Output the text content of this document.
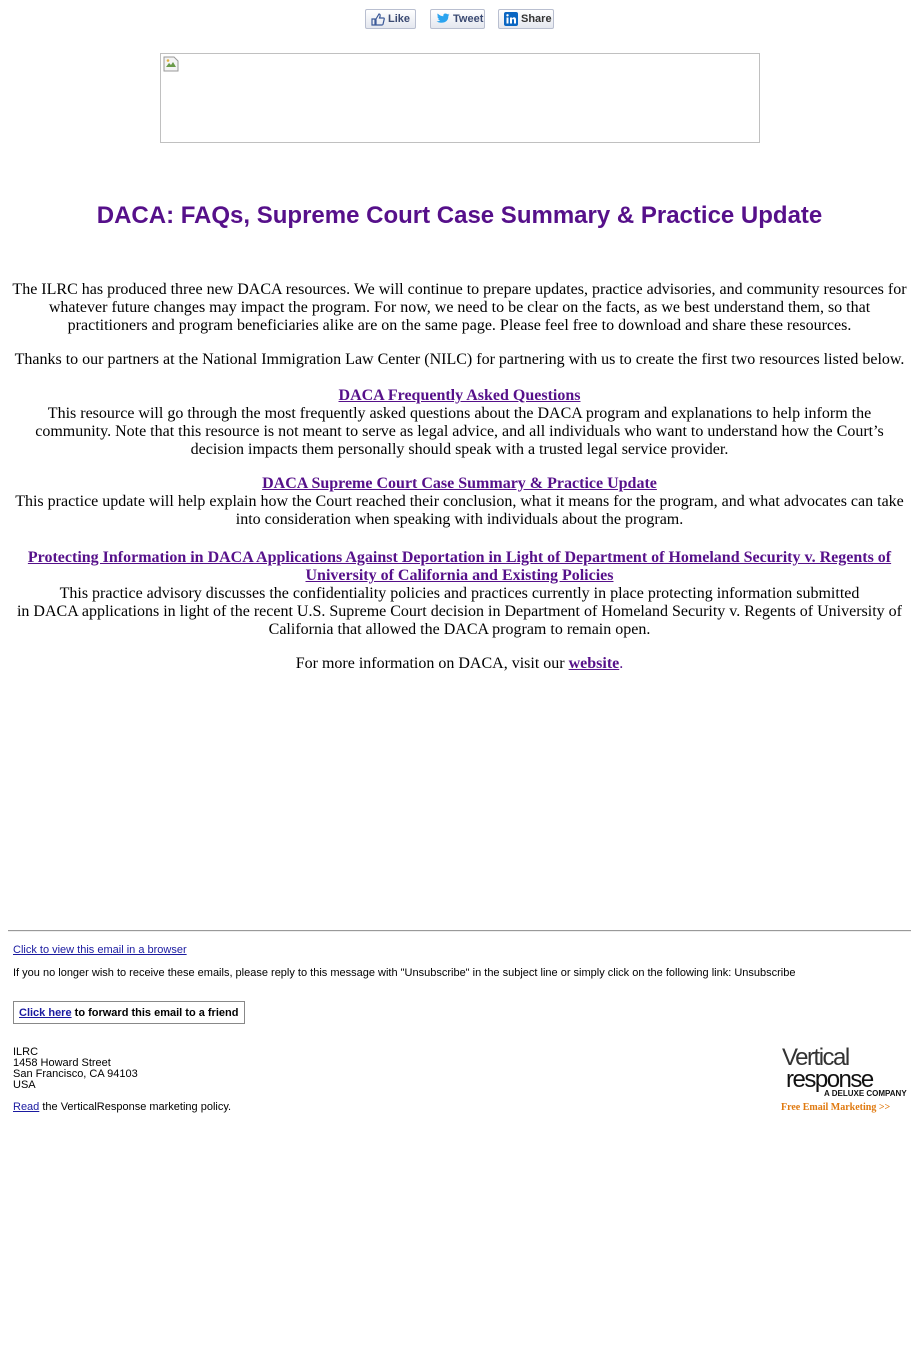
Like	Tweet	Share
DACA: FAQs, Supreme Court Case Summary & Practice Update

The ILRC has produced three new DACA resources. We will continue to prepare updates, practice advisories, and community resources for whatever future changes may impact the program. For now, we need to be clear on the facts, as we best understand them, so that practitioners and program beneficiaries alike are on the same page. Please feel free to download and share these resources.

Thanks to our partners at the National Immigration Law Center (NILC) for partnering with us to create the first two resources listed below.

DACA Frequently Asked Questions

This resource will go through the most frequently asked questions about the DACA program and explanations to help inform the community. Note that this resource is not meant to serve as legal advice, and all individuals who want to understand how the Court’s decision impacts them personally should speak with a trusted legal service provider.

DACA Supreme Court Case Summary & Practice Update

This practice update will help explain how the Court reached their conclusion, what it means for the program, and what advocates can take into consideration when speaking with individuals about the program.

Protecting Information in DACA Applications Against Deportation in Light of Department of Homeland Security v. Regents of University of California and Existing Policies

This practice advisory discusses the confidentiality policies and practices currently in place protecting information submitted

in DACA applications in light of the recent U.S. Supreme Court decision in Department of Homeland Security v. Regents of University of California that allowed the DACA program to remain open.

For more information on DACA, visit our website.

Click to view this email in a browser
If you no longer wish to receive these emails, please reply to this message with "Unsubscribe" in the subject line or simply click on the following link: Unsubscribe
Click here to forward this email to a friend
ILRC
1458 Howard Street
San Francisco, CA 94103
USA
Read the VerticalResponse marketing policy.
Vertical
response
A DELUXE COMPANY
Free Email Marketing >>
